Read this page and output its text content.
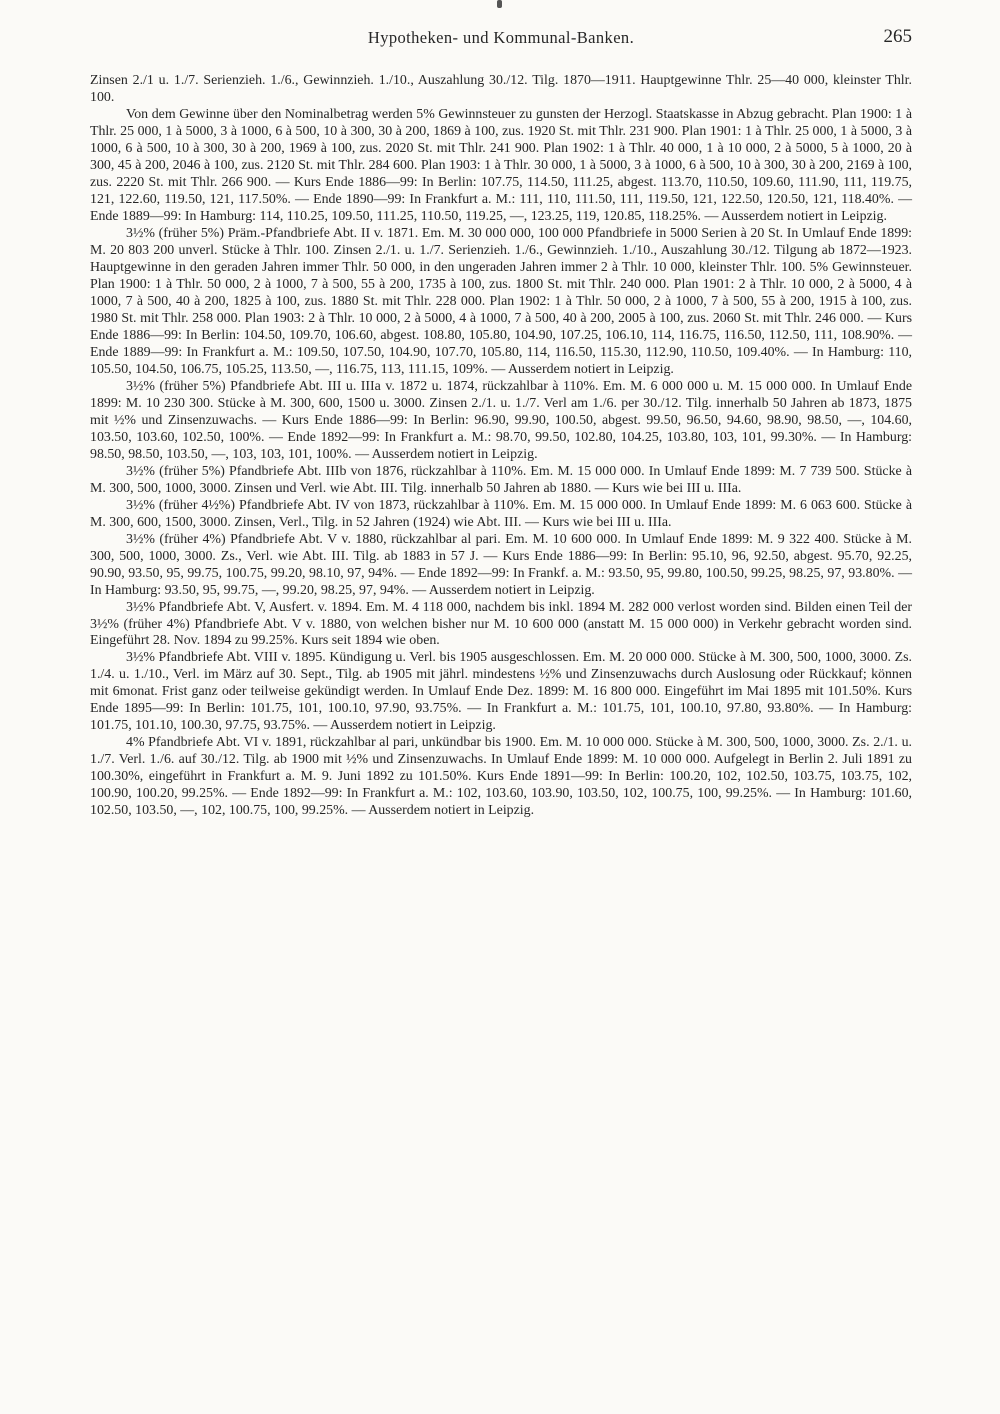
Hypotheken- und Kommunal-Banken.	265

Zinsen 2./1 u. 1./7. Serienzieh. 1./6., Gewinnzieh. 1./10., Auszahlung 30./12. Tilg. 1870—1911. Hauptgewinne Thlr. 25—40 000, kleinster Thlr. 100.

Von dem Gewinne über den Nominalbetrag werden 5% Gewinnsteuer zu gunsten der Herzogl. Staatskasse in Abzug gebracht. Plan 1900: 1 à Thlr. 25 000, 1 à 5000, 3 à 1000, 6 à 500, 10 à 300, 30 à 200, 1869 à 100, zus. 1920 St. mit Thlr. 231 900. Plan 1901: 1 à Thlr. 25 000, 1 à 5000, 3 à 1000, 6 à 500, 10 à 300, 30 à 200, 1969 à 100, zus. 2020 St. mit Thlr. 241 900. Plan 1902: 1 à Thlr. 40 000, 1 à 10 000, 2 à 5000, 5 à 1000, 20 à 300, 45 à 200, 2046 à 100, zus. 2120 St. mit Thlr. 284 600. Plan 1903: 1 à Thlr. 30 000, 1 à 5000, 3 à 1000, 6 à 500, 10 à 300, 30 à 200, 2169 à 100, zus. 2220 St. mit Thlr. 266 900. — Kurs Ende 1886—99: In Berlin: 107.75, 114.50, 111.25, abgest. 113.70, 110.50, 109.60, 111.90, 111, 119.75, 121, 122.60, 119.50, 121, 117.50%. — Ende 1890—99: In Frankfurt a. M.: 111, 110, 111.50, 111, 119.50, 121, 122.50, 120.50, 121, 118.40%. — Ende 1889—99: In Hamburg: 114, 110.25, 109.50, 111.25, 110.50, 119.25, —, 123.25, 119, 120.85, 118.25%. — Ausserdem notiert in Leipzig.

3½% (früher 5%) Präm.-Pfandbriefe Abt. II v. 1871. Em. M. 30 000 000, 100 000 Pfandbriefe in 5000 Serien à 20 St. In Umlauf Ende 1899: M. 20 803 200 unverl. Stücke à Thlr. 100. Zinsen 2./1. u. 1./7. Serienzieh. 1./6., Gewinnzieh. 1./10., Auszahlung 30./12. Tilgung ab 1872—1923. Hauptgewinne in den geraden Jahren immer Thlr. 50 000, in den ungeraden Jahren immer 2 à Thlr. 10 000, kleinster Thlr. 100. 5% Gewinnsteuer. Plan 1900: 1 à Thlr. 50 000, 2 à 1000, 7 à 500, 55 à 200, 1735 à 100, zus. 1800 St. mit Thlr. 240 000. Plan 1901: 2 à Thlr. 10 000, 2 à 5000, 4 à 1000, 7 à 500, 40 à 200, 1825 à 100, zus. 1880 St. mit Thlr. 228 000. Plan 1902: 1 à Thlr. 50 000, 2 à 1000, 7 à 500, 55 à 200, 1915 à 100, zus. 1980 St. mit Thlr. 258 000. Plan 1903: 2 à Thlr. 10 000, 2 à 5000, 4 à 1000, 7 à 500, 40 à 200, 2005 à 100, zus. 2060 St. mit Thlr. 246 000. — Kurs Ende 1886—99: In Berlin: 104.50, 109.70, 106.60, abgest. 108.80, 105.80, 104.90, 107.25, 106.10, 114, 116.75, 116.50, 112.50, 111, 108.90%. — Ende 1889—99: In Frankfurt a. M.: 109.50, 107.50, 104.90, 107.70, 105.80, 114, 116.50, 115.30, 112.90, 110.50, 109.40%. — In Hamburg: 110, 105.50, 104.50, 106.75, 105.25, 113.50, —, 116.75, 113, 111.15, 109%. — Ausserdem notiert in Leipzig.

3½% (früher 5%) Pfandbriefe Abt. III u. IIIa v. 1872 u. 1874, rückzahlbar à 110%. Em. M. 6 000 000 u. M. 15 000 000. In Umlauf Ende 1899: M. 10 230 300. Stücke à M. 300, 600, 1500 u. 3000. Zinsen 2./1. u. 1./7. Verl am 1./6. per 30./12. Tilg. innerhalb 50 Jahren ab 1873, 1875 mit ½% und Zinsenzuwachs. — Kurs Ende 1886—99: In Berlin: 96.90, 99.90, 100.50, abgest. 99.50, 96.50, 94.60, 98.90, 98.50, —, 104.60, 103.50, 103.60, 102.50, 100%. — Ende 1892—99: In Frankfurt a. M.: 98.70, 99.50, 102.80, 104.25, 103.80, 103, 101, 99.30%. — In Hamburg: 98.50, 98.50, 103.50, —, 103, 103, 101, 100%. — Ausserdem notiert in Leipzig.

3½% (früher 5%) Pfandbriefe Abt. IIIb von 1876, rückzahlbar à 110%. Em. M. 15 000 000. In Umlauf Ende 1899: M. 7 739 500. Stücke à M. 300, 500, 1000, 3000. Zinsen und Verl. wie Abt. III. Tilg. innerhalb 50 Jahren ab 1880. — Kurs wie bei III u. IIIa.

3½% (früher 4½%) Pfandbriefe Abt. IV von 1873, rückzahlbar à 110%. Em. M. 15 000 000. In Umlauf Ende 1899: M. 6 063 600. Stücke à M. 300, 600, 1500, 3000. Zinsen, Verl., Tilg. in 52 Jahren (1924) wie Abt. III. — Kurs wie bei III u. IIIa.

3½% (früher 4%) Pfandbriefe Abt. V v. 1880, rückzahlbar al pari. Em. M. 10 600 000. In Umlauf Ende 1899: M. 9 322 400. Stücke à M. 300, 500, 1000, 3000. Zs., Verl. wie Abt. III. Tilg. ab 1883 in 57 J. — Kurs Ende 1886—99: In Berlin: 95.10, 96, 92.50, abgest. 95.70, 92.25, 90.90, 93.50, 95, 99.75, 100.75, 99.20, 98.10, 97, 94%. — Ende 1892—99: In Frankf. a. M.: 93.50, 95, 99.80, 100.50, 99.25, 98.25, 97, 93.80%. — In Hamburg: 93.50, 95, 99.75, —, 99.20, 98.25, 97, 94%. — Ausserdem notiert in Leipzig.

3½% Pfandbriefe Abt. V, Ausfert. v. 1894. Em. M. 4 118 000, nachdem bis inkl. 1894 M. 282 000 verlost worden sind. Bilden einen Teil der 3½% (früher 4%) Pfandbriefe Abt. V v. 1880, von welchen bisher nur M. 10 600 000 (anstatt M. 15 000 000) in Verkehr gebracht worden sind. Eingeführt 28. Nov. 1894 zu 99.25%. Kurs seit 1894 wie oben.

3½% Pfandbriefe Abt. VIII v. 1895. Kündigung u. Verl. bis 1905 ausgeschlossen. Em. M. 20 000 000. Stücke à M. 300, 500, 1000, 3000. Zs. 1./4. u. 1./10., Verl. im März auf 30. Sept., Tilg. ab 1905 mit jährl. mindestens ½% und Zinsenzuwachs durch Auslosung oder Rückkauf; können mit 6monat. Frist ganz oder teilweise gekündigt werden. In Umlauf Ende Dez. 1899: M. 16 800 000. Eingeführt im Mai 1895 mit 101.50%. Kurs Ende 1895—99: In Berlin: 101.75, 101, 100.10, 97.90, 93.75%. — In Frankfurt a. M.: 101.75, 101, 100.10, 97.80, 93.80%. — In Hamburg: 101.75, 101.10, 100.30, 97.75, 93.75%. — Ausserdem notiert in Leipzig.

4% Pfandbriefe Abt. VI v. 1891, rückzahlbar al pari, unkündbar bis 1900. Em. M. 10 000 000. Stücke à M. 300, 500, 1000, 3000. Zs. 2./1. u. 1./7. Verl. 1./6. auf 30./12. Tilg. ab 1900 mit ½% und Zinsenzuwachs. In Umlauf Ende 1899: M. 10 000 000. Aufgelegt in Berlin 2. Juli 1891 zu 100.30%, eingeführt in Frankfurt a. M. 9. Juni 1892 zu 101.50%. Kurs Ende 1891—99: In Berlin: 100.20, 102, 102.50, 103.75, 103.75, 102, 100.90, 100.20, 99.25%. — Ende 1892—99: In Frankfurt a. M.: 102, 103.60, 103.90, 103.50, 102, 100.75, 100, 99.25%. — In Hamburg: 101.60, 102.50, 103.50, —, 102, 100.75, 100, 99.25%. — Ausserdem notiert in Leipzig.
